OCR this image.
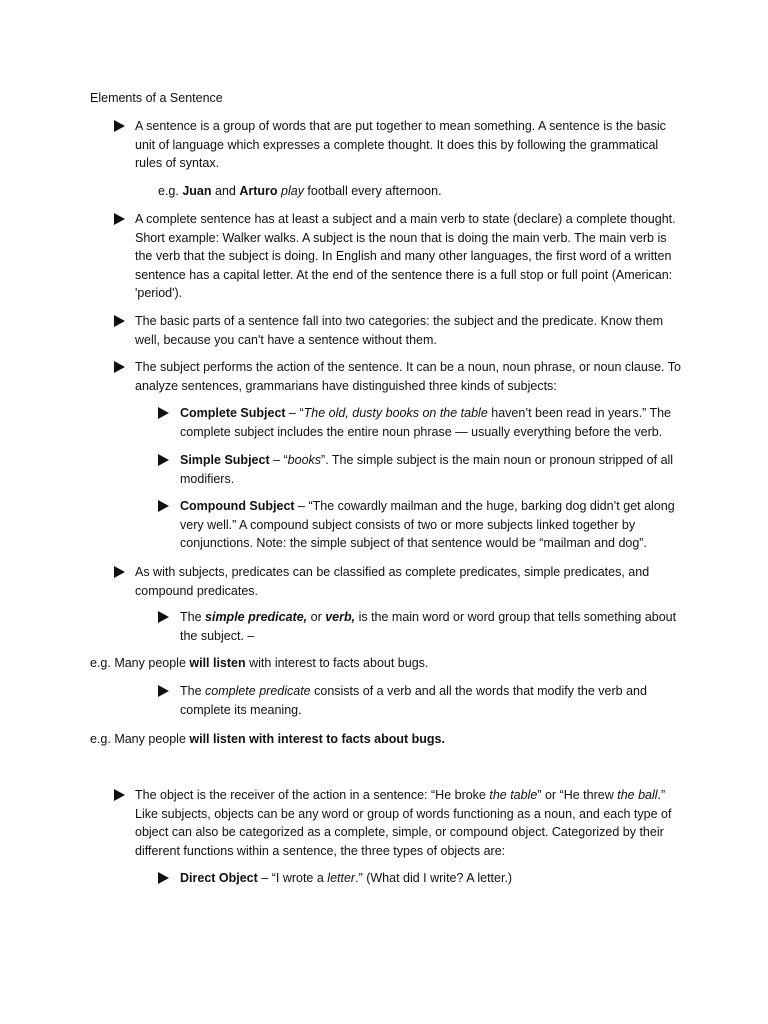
Elements of a Sentence
A sentence is a group of words that are put together to mean something. A sentence is the basic unit of language which expresses a complete thought. It does this by following the grammatical rules of syntax.
e.g. Juan and Arturo play football every afternoon.
A complete sentence has at least a subject and a main verb to state (declare) a complete thought. Short example: Walker walks. A subject is the noun that is doing the main verb. The main verb is the verb that the subject is doing. In English and many other languages, the first word of a written sentence has a capital letter. At the end of the sentence there is a full stop or full point (American: 'period').
The basic parts of a sentence fall into two categories: the subject and the predicate. Know them well, because you can't have a sentence without them.
The subject performs the action of the sentence. It can be a noun, noun phrase, or noun clause. To analyze sentences, grammarians have distinguished three kinds of subjects:
Complete Subject – “The old, dusty books on the table haven’t been read in years.” The complete subject includes the entire noun phrase — usually everything before the verb.
Simple Subject – “books”. The simple subject is the main noun or pronoun stripped of all modifiers.
Compound Subject – “The cowardly mailman and the huge, barking dog didn’t get along very well.” A compound subject consists of two or more subjects linked together by conjunctions. Note: the simple subject of that sentence would be “mailman and dog”.
As with subjects, predicates can be classified as complete predicates, simple predicates, and compound predicates.
The simple predicate, or verb, is the main word or word group that tells something about the subject. –
e.g. Many people will listen with interest to facts about bugs.
The complete predicate consists of a verb and all the words that modify the verb and complete its meaning.
e.g. Many people will listen with interest to facts about bugs.
The object is the receiver of the action in a sentence: “He broke the table” or “He threw the ball.” Like subjects, objects can be any word or group of words functioning as a noun, and each type of object can also be categorized as a complete, simple, or compound object. Categorized by their different functions within a sentence, the three types of objects are:
Direct Object – “I wrote a letter.” (What did I write? A letter.)
